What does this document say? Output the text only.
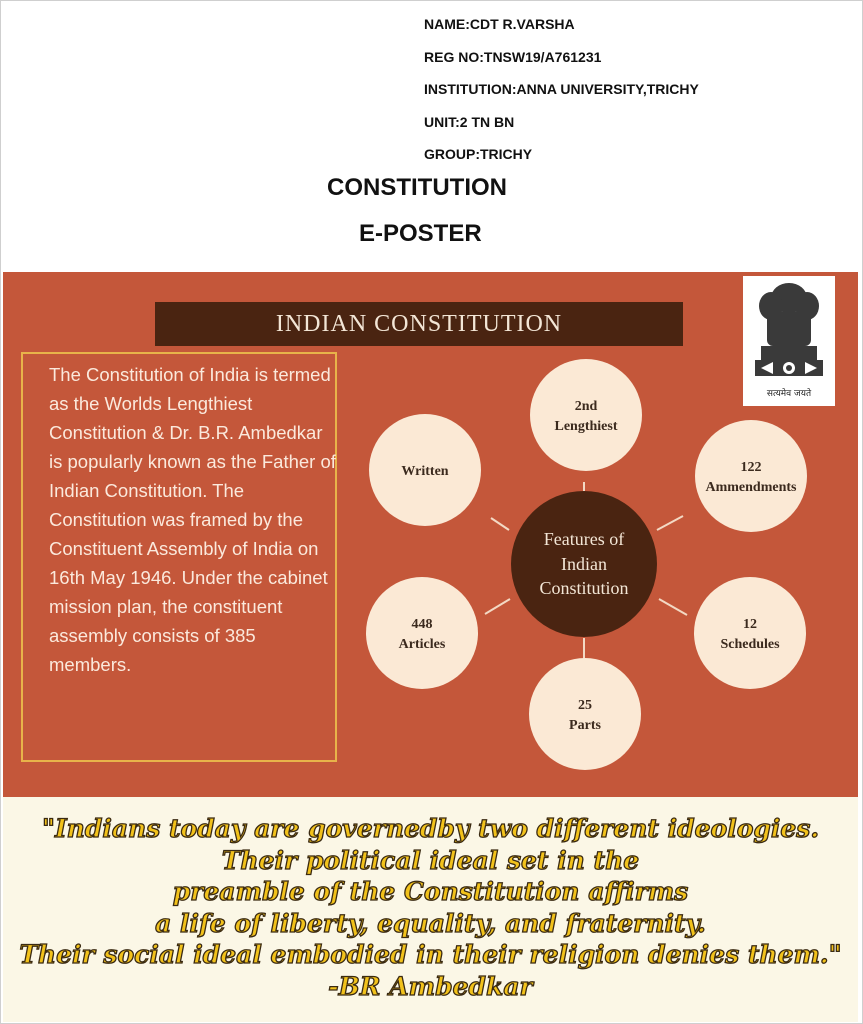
NAME:CDT R.VARSHA
REG NO:TNSW19/A761231
INSTITUTION:ANNA UNIVERSITY,TRICHY
UNIT:2 TN BN
GROUP:TRICHY
CONSTITUTION
E-POSTER
2nd
Lengthiest
122
Ammendments
12
Schedules
25
Parts
448
Articles
Written
Features of
Indian
Constitution
INDIAN CONSTITUTION
सत्यमेव जयते

The Constitution of India is termed as the Worlds Lengthiest Constitution & Dr. B.R. Ambedkar is popularly known as the Father of Indian Constitution. The Constitution was framed by the Constituent Assembly of India on 16th May 1946. Under the cabinet mission plan, the constituent assembly consists of 385 members.

"Indians today are governedby two different ideologies.
Their political ideal set in the
preamble of the Constitution affirms
a life of liberty, equality, and fraternity.
Their social ideal embodied in their religion denies them."
-BR Ambedkar
